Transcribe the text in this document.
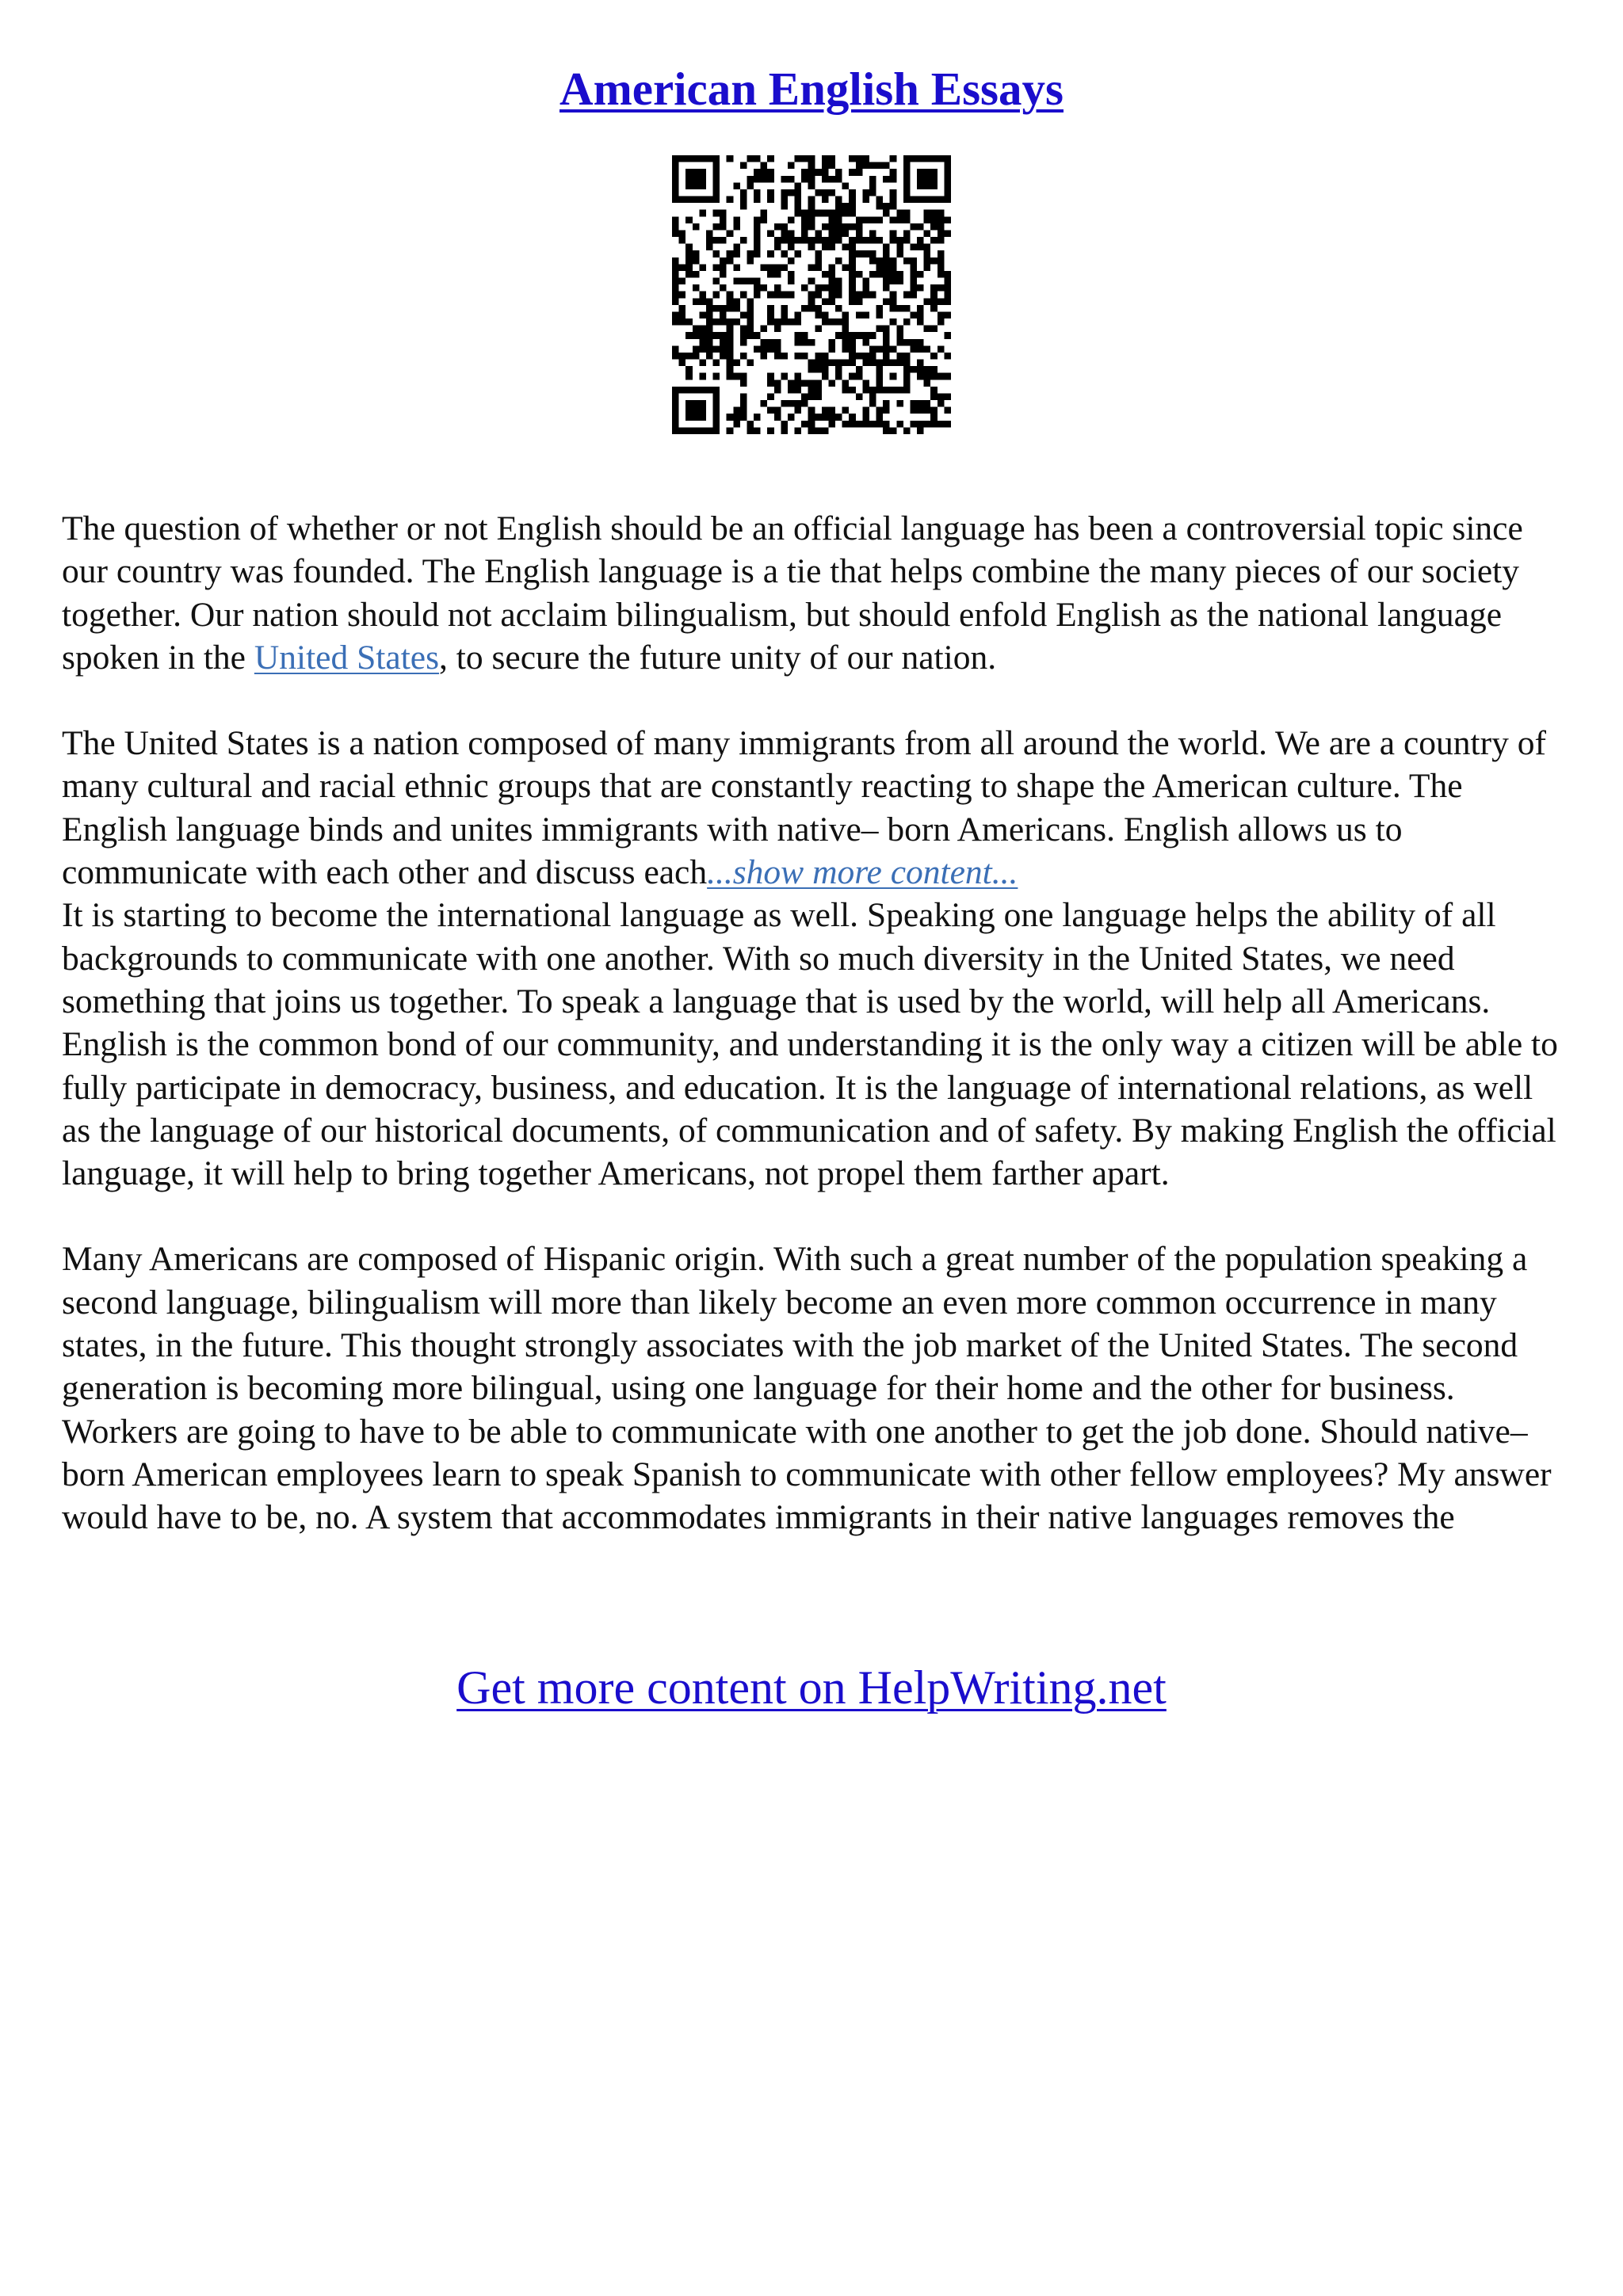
American English Essays

The question of whether or not English should be an official language has been a controversial topic since our country was founded. The English language is a tie that helps combine the many pieces of our society together. Our nation should not acclaim bilingualism, but should enfold English as the national language spoken in the United States, to secure the future unity of our nation.

The United States is a nation composed of many immigrants from all around the world. We are a country of many cultural and racial ethnic groups that are constantly reacting to shape the American culture. The English language binds and unites immigrants with native– born Americans. English allows us to communicate with each other and discuss each...show more content...

It is starting to become the international language as well. Speaking one language helps the ability of all backgrounds to communicate with one another. With so much diversity in the United States, we need something that joins us together. To speak a language that is used by the world, will help all Americans. English is the common bond of our community, and understanding it is the only way a citizen will be able to fully participate in democracy, business, and education. It is the language of international relations, as well as the language of our historical documents, of communication and of safety. By making English the official language, it will help to bring together Americans, not propel them farther apart.

Many Americans are composed of Hispanic origin. With such a great number of the population speaking a second language, bilingualism will more than likely become an even more common occurrence in many states, in the future. This thought strongly associates with the job market of the United States. The second generation is becoming more bilingual, using one language for their home and the other for business. Workers are going to have to be able to communicate with one another to get the job done. Should native– born American employees learn to speak Spanish to communicate with other fellow employees? My answer would have to be, no. A system that accommodates immigrants in their native languages removes the

Get more content on HelpWriting.net
